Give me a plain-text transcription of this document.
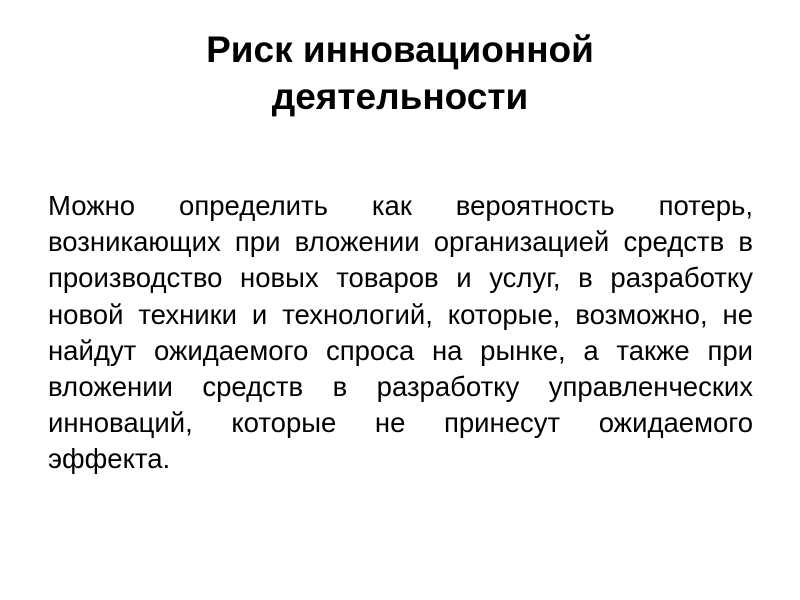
Риск инновационной
деятельности

Можно определить как вероятность потерь, возникающих при вложении организацией средств в производство новых товаров и услуг, в разработку новой техники и технологий, которые, возможно, не найдут ожидаемого спроса на рынке, а также при вложении средств в разработку управленческих инноваций, которые не принесут ожидаемого эффекта.
